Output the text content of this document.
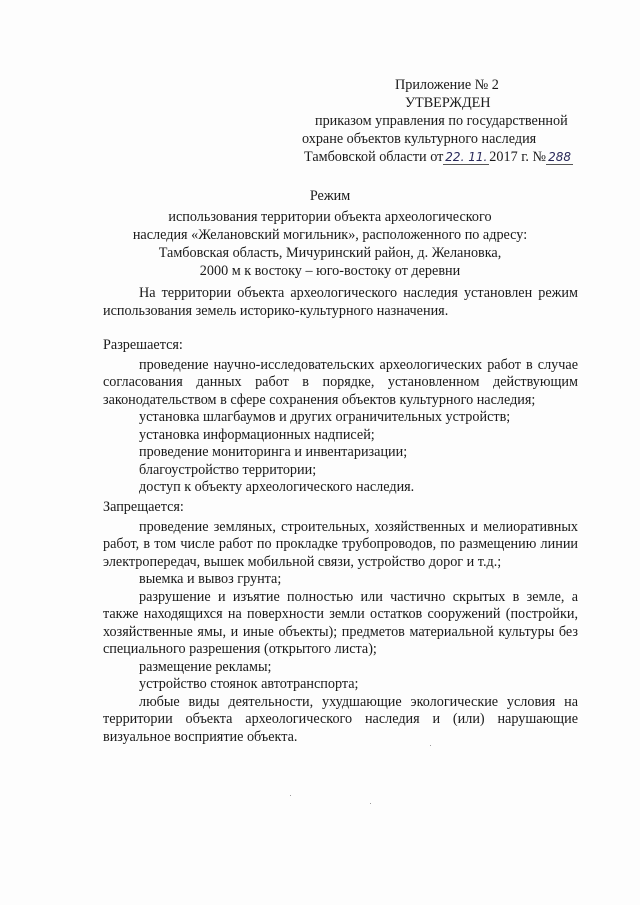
Приложение № 2
УТВЕРЖДЕН
приказом управления по государственной
охране объектов культурного наследия
Тамбовской области от 22. 11. 2017 г. № 288
Режим
использования территории объекта археологического
наследия «Желановский могильник», расположенного по адресу:
Тамбовская область, Мичуринский район, д. Желановка,
2000 м к востоку – юго-востоку от деревни

На территории объекта археологического наследия установлен режим использования земель историко-культурного назначения.

Разрешается:

проведение научно-исследовательских археологических работ в случае согласования данных работ в порядке, установленном действующим законодательством в сфере сохранения объектов культурного наследия;

установка шлагбаумов и других ограничительных устройств;

установка информационных надписей;

проведение мониторинга и инвентаризации;

благоустройство территории;

доступ к объекту археологического наследия.

Запрещается:

проведение земляных, строительных, хозяйственных и мелиоративных работ, в том числе работ по прокладке трубопроводов, по размещению линии электропередач, вышек мобильной связи, устройство дорог и т.д.;

выемка и вывоз грунта;

разрушение и изъятие полностью или частично скрытых в земле, а также находящихся на поверхности земли остатков сооружений (постройки, хозяйственные ямы, и иные объекты); предметов материальной культуры без специального разрешения (открытого листа);

размещение рекламы;

устройство стоянок автотранспорта;

любые виды деятельности, ухудшающие экологические условия на территории объекта археологического наследия и (или) нарушающие визуальное восприятие объекта.
